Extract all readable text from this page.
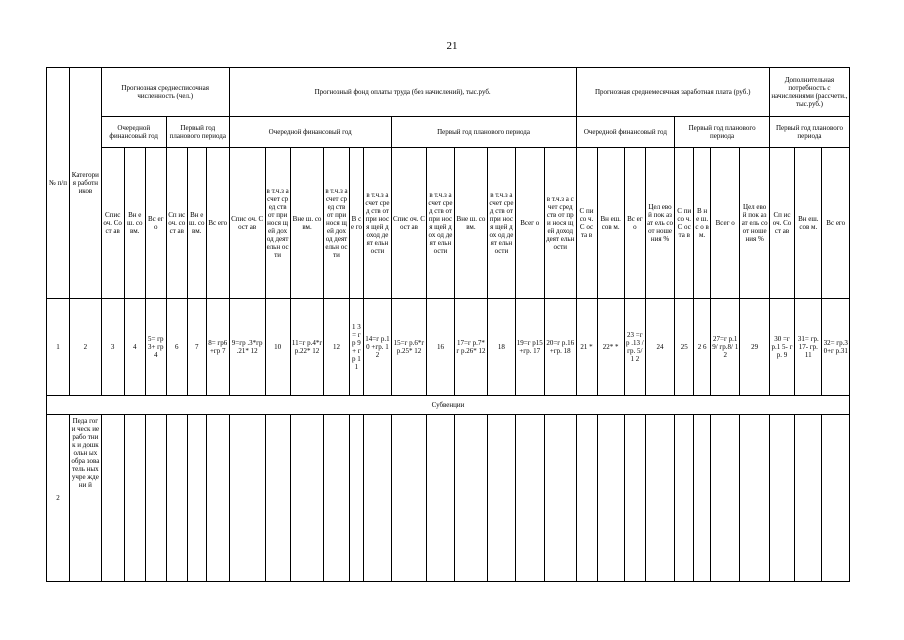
21
№ п/п	Категория работников	Прогнозная среднесписочная численность (чел.)						Прогнозный фонд оплаты труда (без начислений), тыс.руб.												Прогнозная среднемесячная заработная плата (руб.)								Дополнительная потребность с начислениями (рассчети., тыс.руб.)		
		Очередной финансовый год			Первый год планового периода			Очередной финансовый год						Первый год планового периода						Очередной финансовый год				Первый год планового периода				Первый год планового периода		
		Спис оч. Сост ав	Вн еш. со вм.	Вс ег о	Сп ис оч. со ст ав	Вн еш. со вм.	Вс его	Спис оч. Сост ав	в т.ч.з а счет сред ств от при нося щей дох од деят ельн ости	Вне ш. совм.	в т.ч.з а счет сред ств от при нося щей дох од деят ельн ости	В се го	в т.ч.з а счет сред ств от при нося щей доход деят ельн ости	Спис оч. Сост ав	в т.ч.з а счет сред ств от при нося щей дох од деят ельн ости	Вне ш. совм.	в т.ч.з а счет сред ств от при нося щей дох од деят ельн ости	Всег о	в т.ч.з а счет сред ств от при нося щей доход деят ельн ости	С пи со ч. С ос та в	Вн еш. сов м.	Вс его	Цел евой пок азат ель соот ноше ния %	С пи со ч. С ос та в	В н е ш. с о в м.	Всег о	Цел евой пок азат ель соот ноше ния %	Сп ис оч. Со ст ав	Вн еш. сов м.	Вс его
1	2	3	4	5= гр 3+ гр 4	6	7	8= гр6 +гр 7	9=гр .3*гр .21* 12	10	11=г р.4*г р.22* 12	12	1 3 = гр 9 + гр 1 1	14=г р.10 +гр. 12	15=г р.6*г р.25* 12	16	17=г р.7*г р.26* 12	18	19=г р15 +гр. 17	20=г р.16 +гр. 18	21 *	22* *	23 =гр .13 /гр. 5/1 2	24	25	2 6	27=г р.19/ гр.8/ 12	29	30 =г р.1 5- гр. 9	31= гр. 17- гр. 11	32= гр.3 0+г р.31
Субвенции																														
2	Педа гоги ческ ие рабо тник и дошк ольн ых обра зова тель ных учре ждени й																													
